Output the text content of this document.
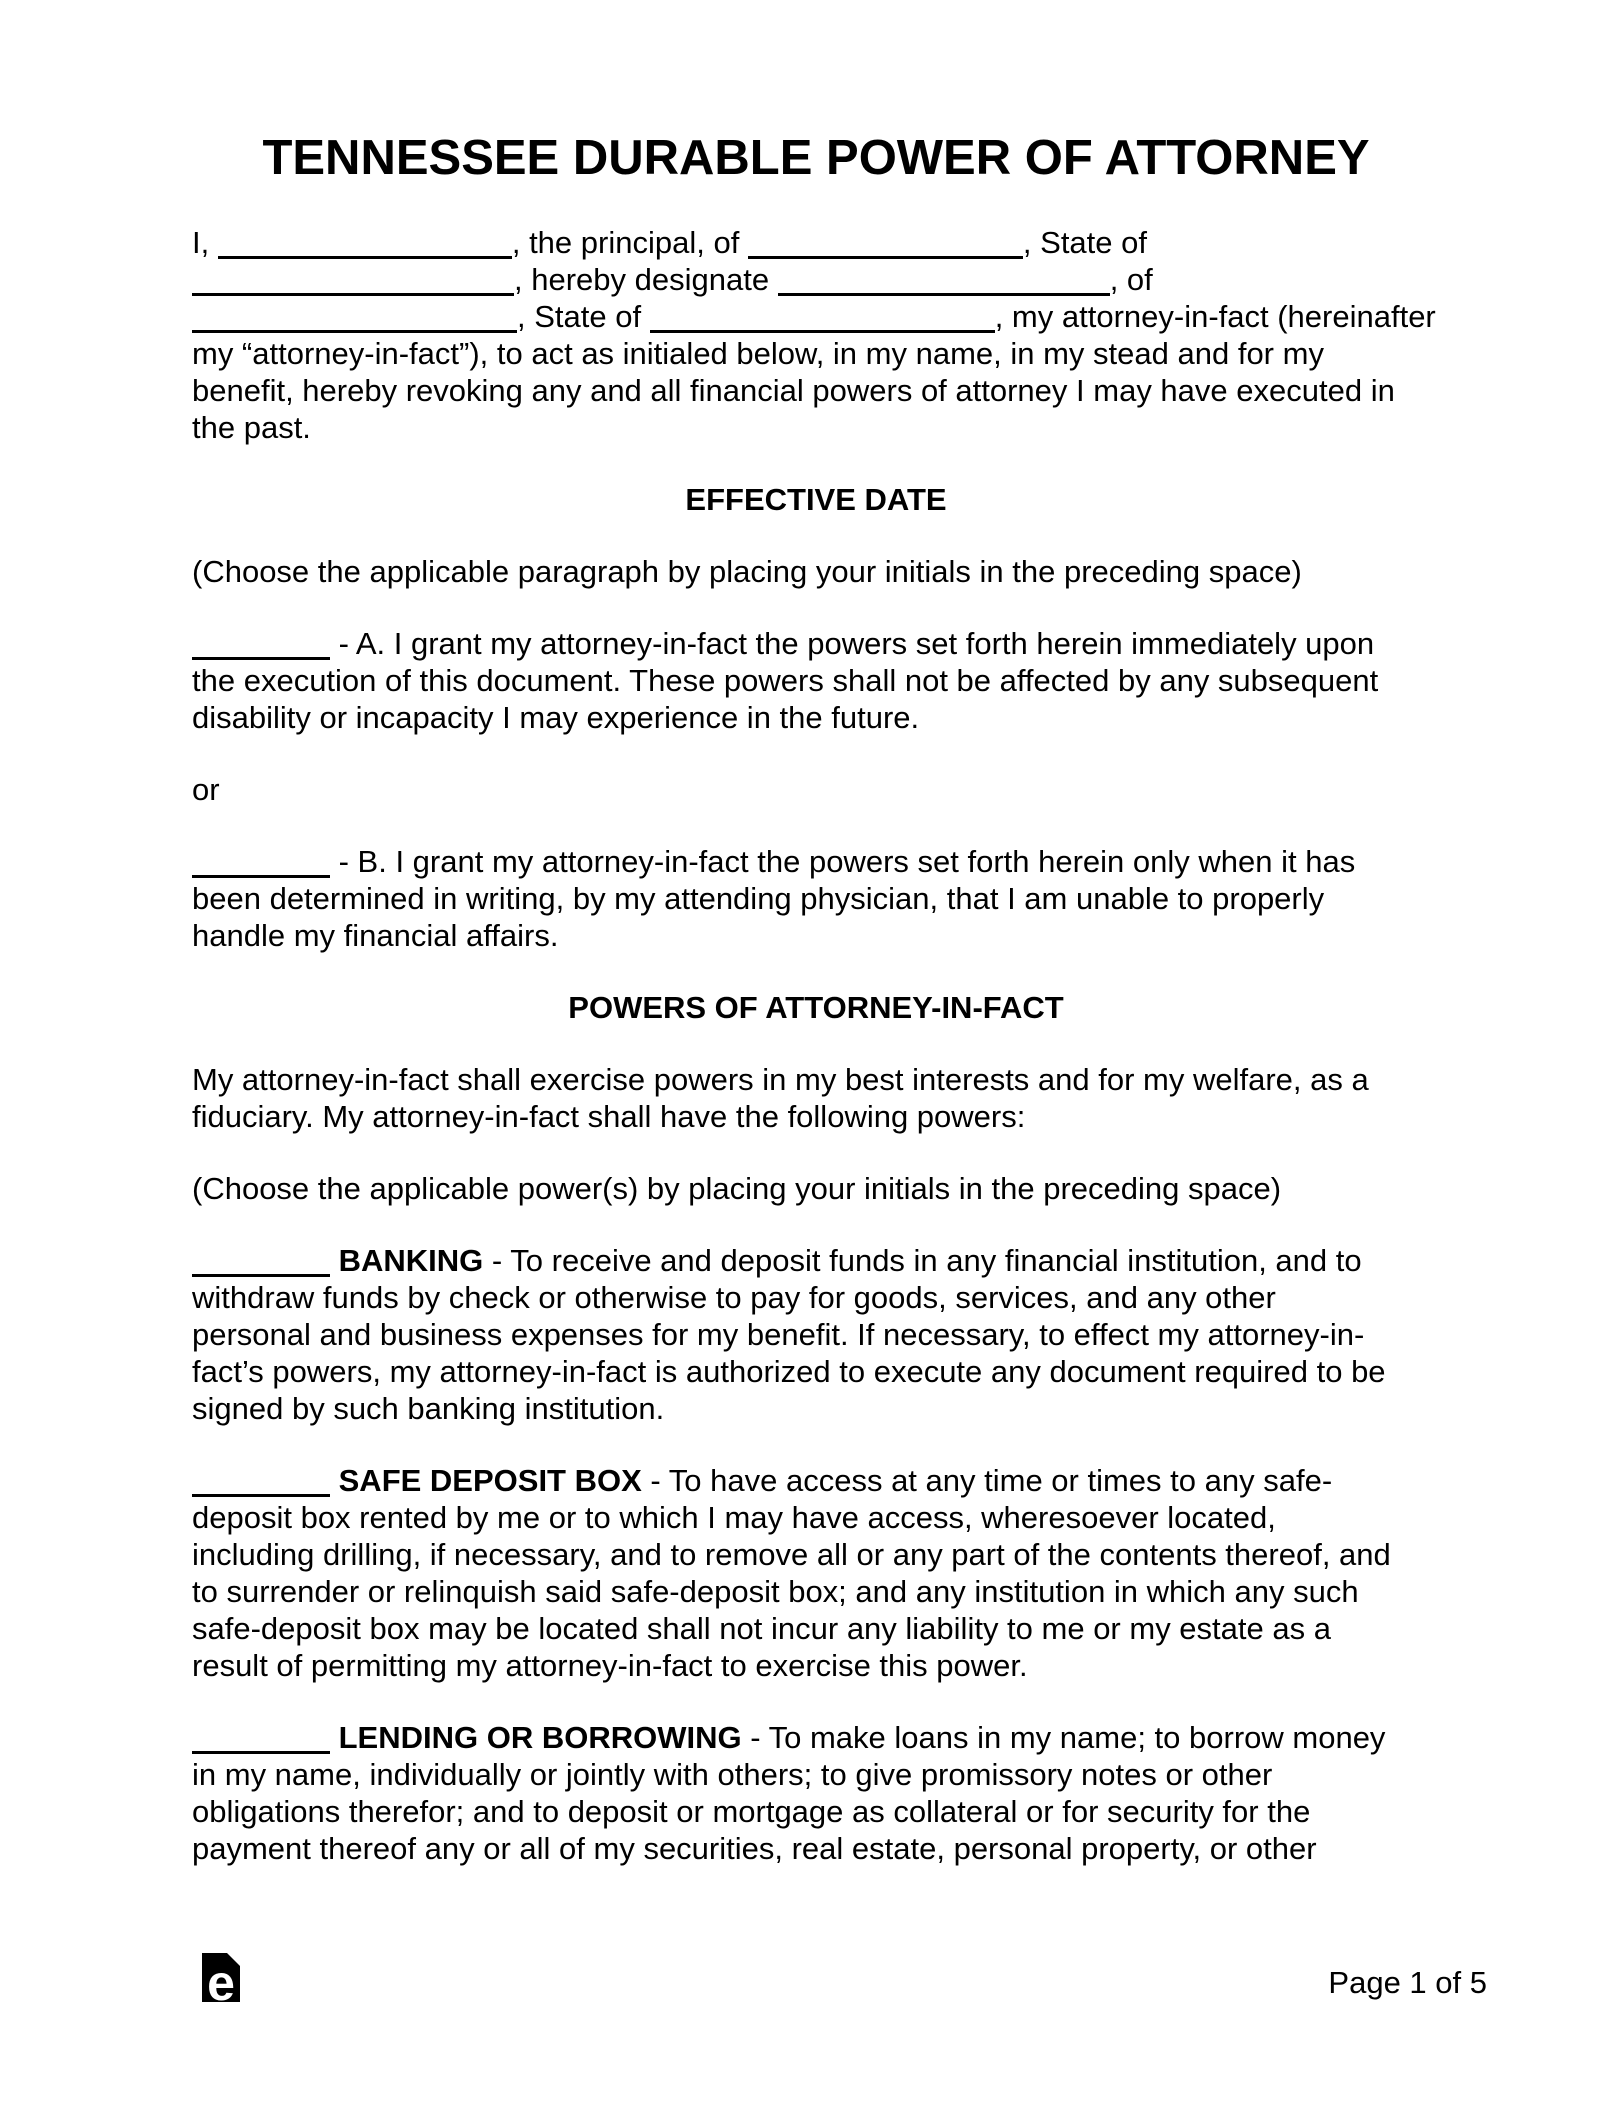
TENNESSEE DURABLE POWER OF ATTORNEY
I,	, the principal, of	, State of
, hereby designate	, of
, State of	, my attorney-in-fact (hereinafter
my “attorney-in-fact”), to act as initialed below, in my name, in my stead and for my
benefit, hereby revoking any and all financial powers of attorney I may have executed in
the past.
EFFECTIVE DATE
(Choose the applicable paragraph by placing your initials in the preceding space)
- A. I grant my attorney-in-fact the powers set forth herein immediately upon
the execution of this document. These powers shall not be affected by any subsequent
disability or incapacity I may experience in the future.
or
- B. I grant my attorney-in-fact the powers set forth herein only when it has
been determined in writing, by my attending physician, that I am unable to properly
handle my financial affairs.
POWERS OF ATTORNEY-IN-FACT
My attorney-in-fact shall exercise powers in my best interests and for my welfare, as a
fiduciary. My attorney-in-fact shall have the following powers:
(Choose the applicable power(s) by placing your initials in the preceding space)
BANKING - To receive and deposit funds in any financial institution, and to
withdraw funds by check or otherwise to pay for goods, services, and any other
personal and business expenses for my benefit. If necessary, to effect my attorney-in-
fact’s powers, my attorney-in-fact is authorized to execute any document required to be
signed by such banking institution.
SAFE DEPOSIT BOX - To have access at any time or times to any safe-
deposit box rented by me or to which I may have access, wheresoever located,
including drilling, if necessary, and to remove all or any part of the contents thereof, and
to surrender or relinquish said safe-deposit box; and any institution in which any such
safe-deposit box may be located shall not incur any liability to me or my estate as a
result of permitting my attorney-in-fact to exercise this power.
LENDING OR BORROWING - To make loans in my name; to borrow money
in my name, individually or jointly with others; to give promissory notes or other
obligations therefor; and to deposit or mortgage as collateral or for security for the
payment thereof any or all of my securities, real estate, personal property, or other
e	Page 1 of 5
